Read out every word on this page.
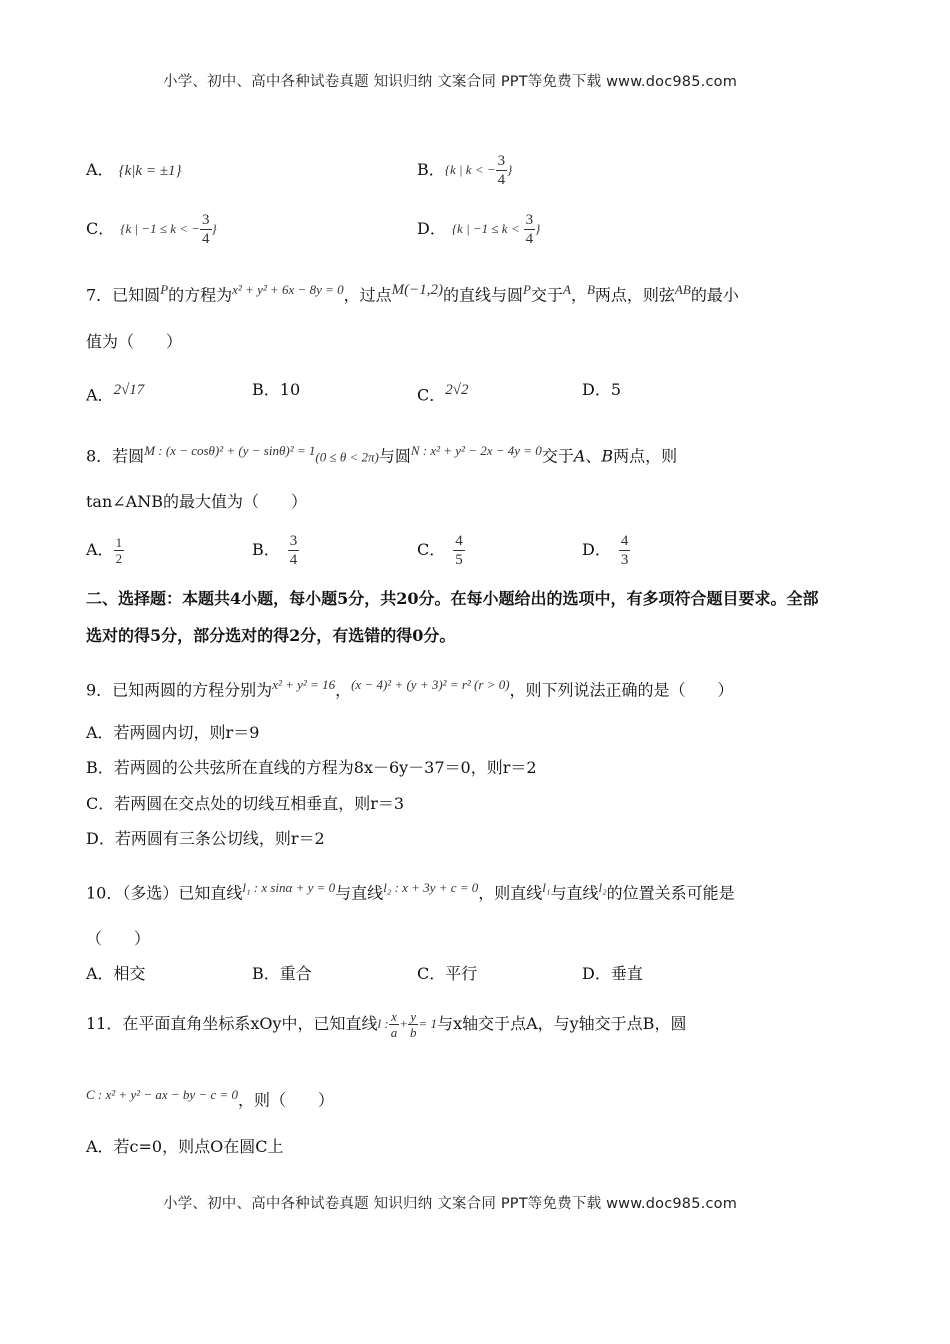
小学、初中、高中各种试卷真题 知识归纳 文案合同 PPT等免费下载 www.doc985.com
A． {k|k = ±1}	B． {k | k < − $\frac{3}{4}$ }
C． {k | −1 ≤ k < − $\frac{3}{4}$ }	D． {k | $-1 \le k < \frac{3}{4}$ }
7．已知圆$^P$的方程为$^{x^2 + y^2 + 6x - 8y = 0}$，过点$^{M(-1,2)}$的直线与圆$^P$交于$^A$，$^B$两点，则弦$^{AB}$的最小
值为（　　）
A．$^{2√17}$	B．10	C．$^{2√2}$	D．5
8．若圆$^{M : (x - cos\theta)^2 + (y - sin\theta)^2 = 1}$(0 ≤ θ < 2π)与圆$^{N : x^2 + y^2 - 2x - 4y = 0}$交于A、B两点，则
tan∠ANB的最大值为（　　）
A． $\frac{1}{2}$	B． $\frac{3}{4}$	C． $\frac{4}{5}$	D． $\frac{4}{3}$
二、选择题：本题共4小题，每小题5分，共20分。在每小题给出的选项中，有多项符合题目要求。全部
选对的得5分，部分选对的得2分，有选错的得0分。
9．已知两圆的方程分别为$^{x^2 + y^2 = 16}$，$^{(x - 4)^2 + (y + 3)^2 = r^2 (r > 0)}$，则下列说法正确的是（　　）
A．若两圆内切，则r＝9
B．若两圆的公共弦所在直线的方程为8x－6y－37＝0，则r＝2
C．若两圆在交点处的切线互相垂直，则r＝3
D．若两圆有三条公切线，则r＝2
10．（多选）已知直线$^{l_1 : x sin\alpha + y = 0}$与直线$^{l_2 : x + 3y + c = 0}$，则直线$^{l_1}$与直线$^{l_2}$的位置关系可能是
（　　）
A．相交	B．重合	C．平行	D．垂直
11．在平面直角坐标系xOy中，已知直线 l : $\frac{x}{a} + \frac{y}{b} = 1$ 与x轴交于点A，与y轴交于点B，圆
$^{C : x^2 + y^2 - ax - by - c = 0}$，则（　　）
A．若c=0，则点O在圆C上
小学、初中、高中各种试卷真题 知识归纳 文案合同 PPT等免费下载 www.doc985.com
